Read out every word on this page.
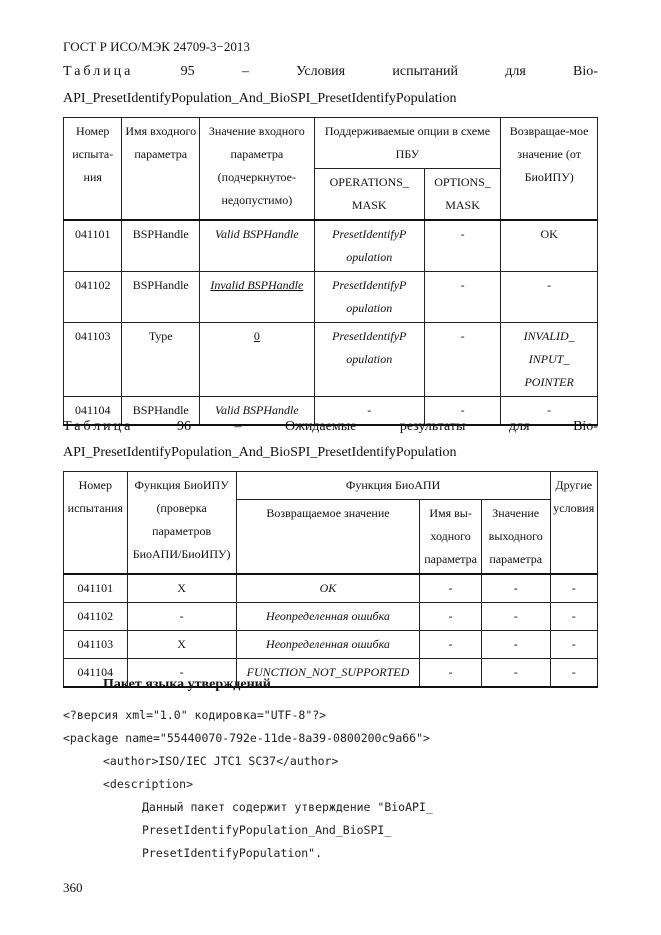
ГОСТ Р ИСО/МЭК 24709-3−2013
Таблица	95	–	Условия	испытаний	для	Bio-
API_PresetIdentifyPopulation_And_BioSPI_PresetIdentifyPopulation
Номер испыта-ния	Имя входного параметра	Значение входного параметра (подчеркнутое-недопустимо)	Поддерживаемые опции в схеме ПБУ		Возвращае-мое значение (от БиоИПУ)
			OPERATIONS_ MASK	OPTIONS_ MASK	
041101	BSPHandle	Valid BSPHandle	PresetIdentifyP opulation	-	OK
041102	BSPHandle	Invalid BSPHandle	PresetIdentifyP opulation	-	-
041103	Type	0	PresetIdentifyP opulation	-	INVALID_ INPUT_ POINTER
041104	BSPHandle	Valid BSPHandle	-	-	-
Таблица	96	–	Ожидаемые	результаты	для	Bio-
API_PresetIdentifyPopulation_And_BioSPI_PresetIdentifyPopulation
Номер испытания	Функция БиоИПУ (проверка параметров БиоАПИ/БиоИПУ)	Функция БиоАПИ			Другие условия
		Возвращаемое значение	Имя вы-ходного параметра	Значение выходного параметра	
041101	X	OK	-	-	-
041102	-	Неопределенная ошибка	-	-	-
041103	X	Неопределенная ошибка	-	-	-
041104	-	FUNCTION_NOT_SUPPORTED	-	-	-
Пакет языка утверждений
<?версия xml="1.0" кодировка="UTF-8"?>
<package name="55440070-792e-11de-8a39-0800200c9a66">
<author>ISO/IEC JTC1 SC37</author>
<description>
Данный пакет содержит утверждение "BioAPI_
PresetIdentifyPopulation_And_BioSPI_
PresetIdentifyPopulation".
360
